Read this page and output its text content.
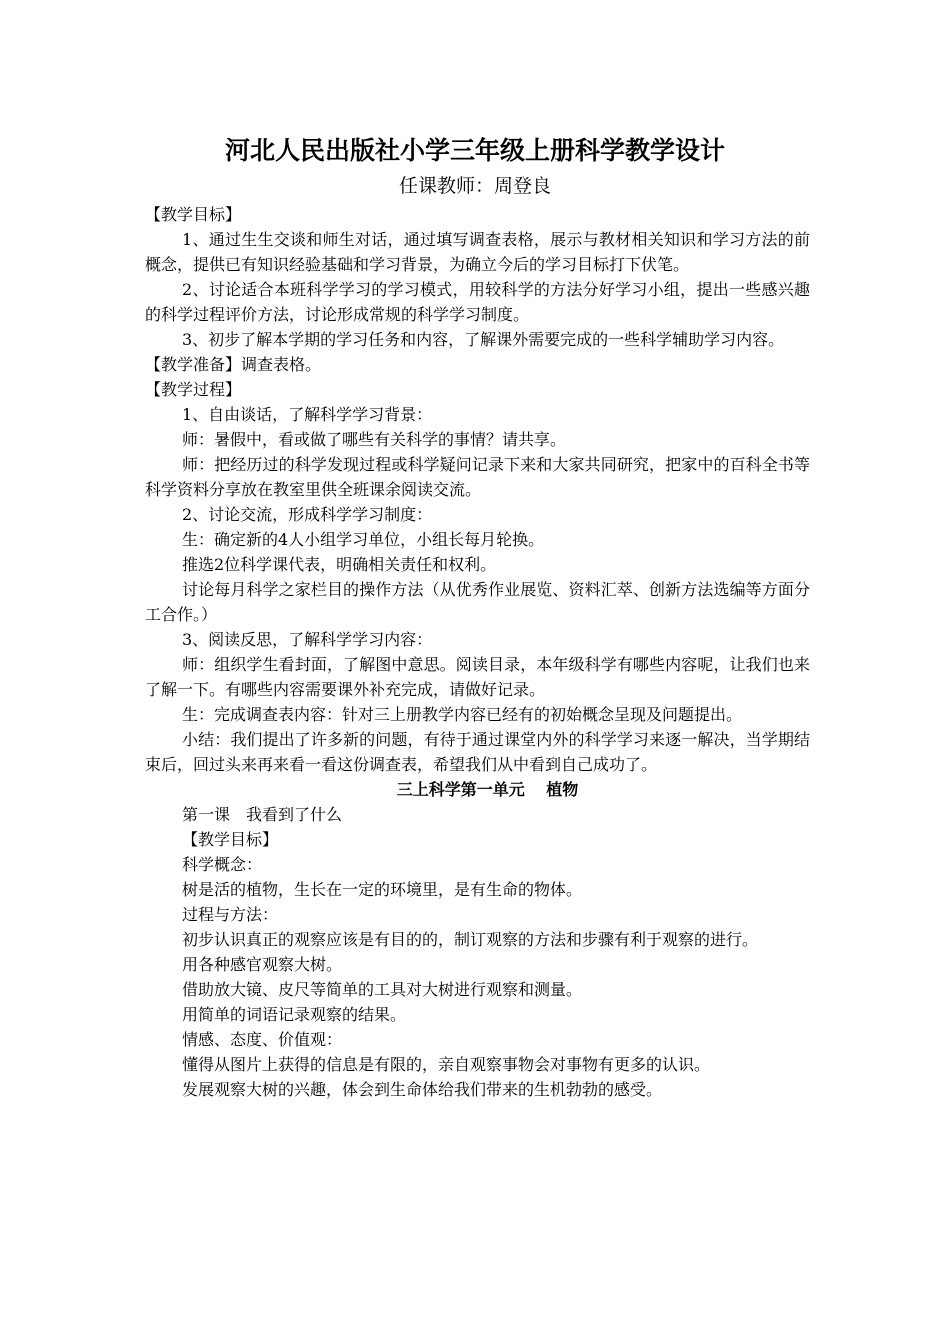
河北人民出版社小学三年级上册科学教学设计
任课教师：周登良

【教学目标】

1、通过生生交谈和师生对话，通过填写调查表格，展示与教材相关知识和学习方法的前概念，提供已有知识经验基础和学习背景，为确立今后的学习目标打下伏笔。

2、讨论适合本班科学学习的学习模式，用较科学的方法分好学习小组，提出一些感兴趣的科学过程评价方法，讨论形成常规的科学学习制度。

3、初步了解本学期的学习任务和内容，了解课外需要完成的一些科学辅助学习内容。

【教学准备】调查表格。

【教学过程】

1、自由谈话，了解科学学习背景：

师：暑假中，看或做了哪些有关科学的事情？请共享。

师：把经历过的科学发现过程或科学疑问记录下来和大家共同研究，把家中的百科全书等科学资料分享放在教室里供全班课余阅读交流。

2、讨论交流，形成科学学习制度：

生：确定新的4人小组学习单位，小组长每月轮换。

推选2位科学课代表，明确相关责任和权利。

讨论每月科学之家栏目的操作方法（从优秀作业展览、资料汇萃、创新方法选编等方面分工合作。）

3、阅读反思，了解科学学习内容：

师：组织学生看封面，了解图中意思。阅读目录，本年级科学有哪些内容呢，让我们也来了解一下。有哪些内容需要课外补充完成，请做好记录。

生：完成调查表内容：针对三上册教学内容已经有的初始概念呈现及问题提出。

小结：我们提出了许多新的问题，有待于通过课堂内外的科学学习来逐一解决，当学期结束后，回过头来再来看一看这份调查表，希望我们从中看到自己成功了。

三上科学第一单元　 植物

第一课　我看到了什么

【教学目标】

科学概念：

树是活的植物，生长在一定的环境里，是有生命的物体。

过程与方法：

初步认识真正的观察应该是有目的的，制订观察的方法和步骤有利于观察的进行。

用各种感官观察大树。

借助放大镜、皮尺等简单的工具对大树进行观察和测量。

用简单的词语记录观察的结果。

情感、态度、价值观：

懂得从图片上获得的信息是有限的，亲自观察事物会对事物有更多的认识。

发展观察大树的兴趣，体会到生命体给我们带来的生机勃勃的感受。
